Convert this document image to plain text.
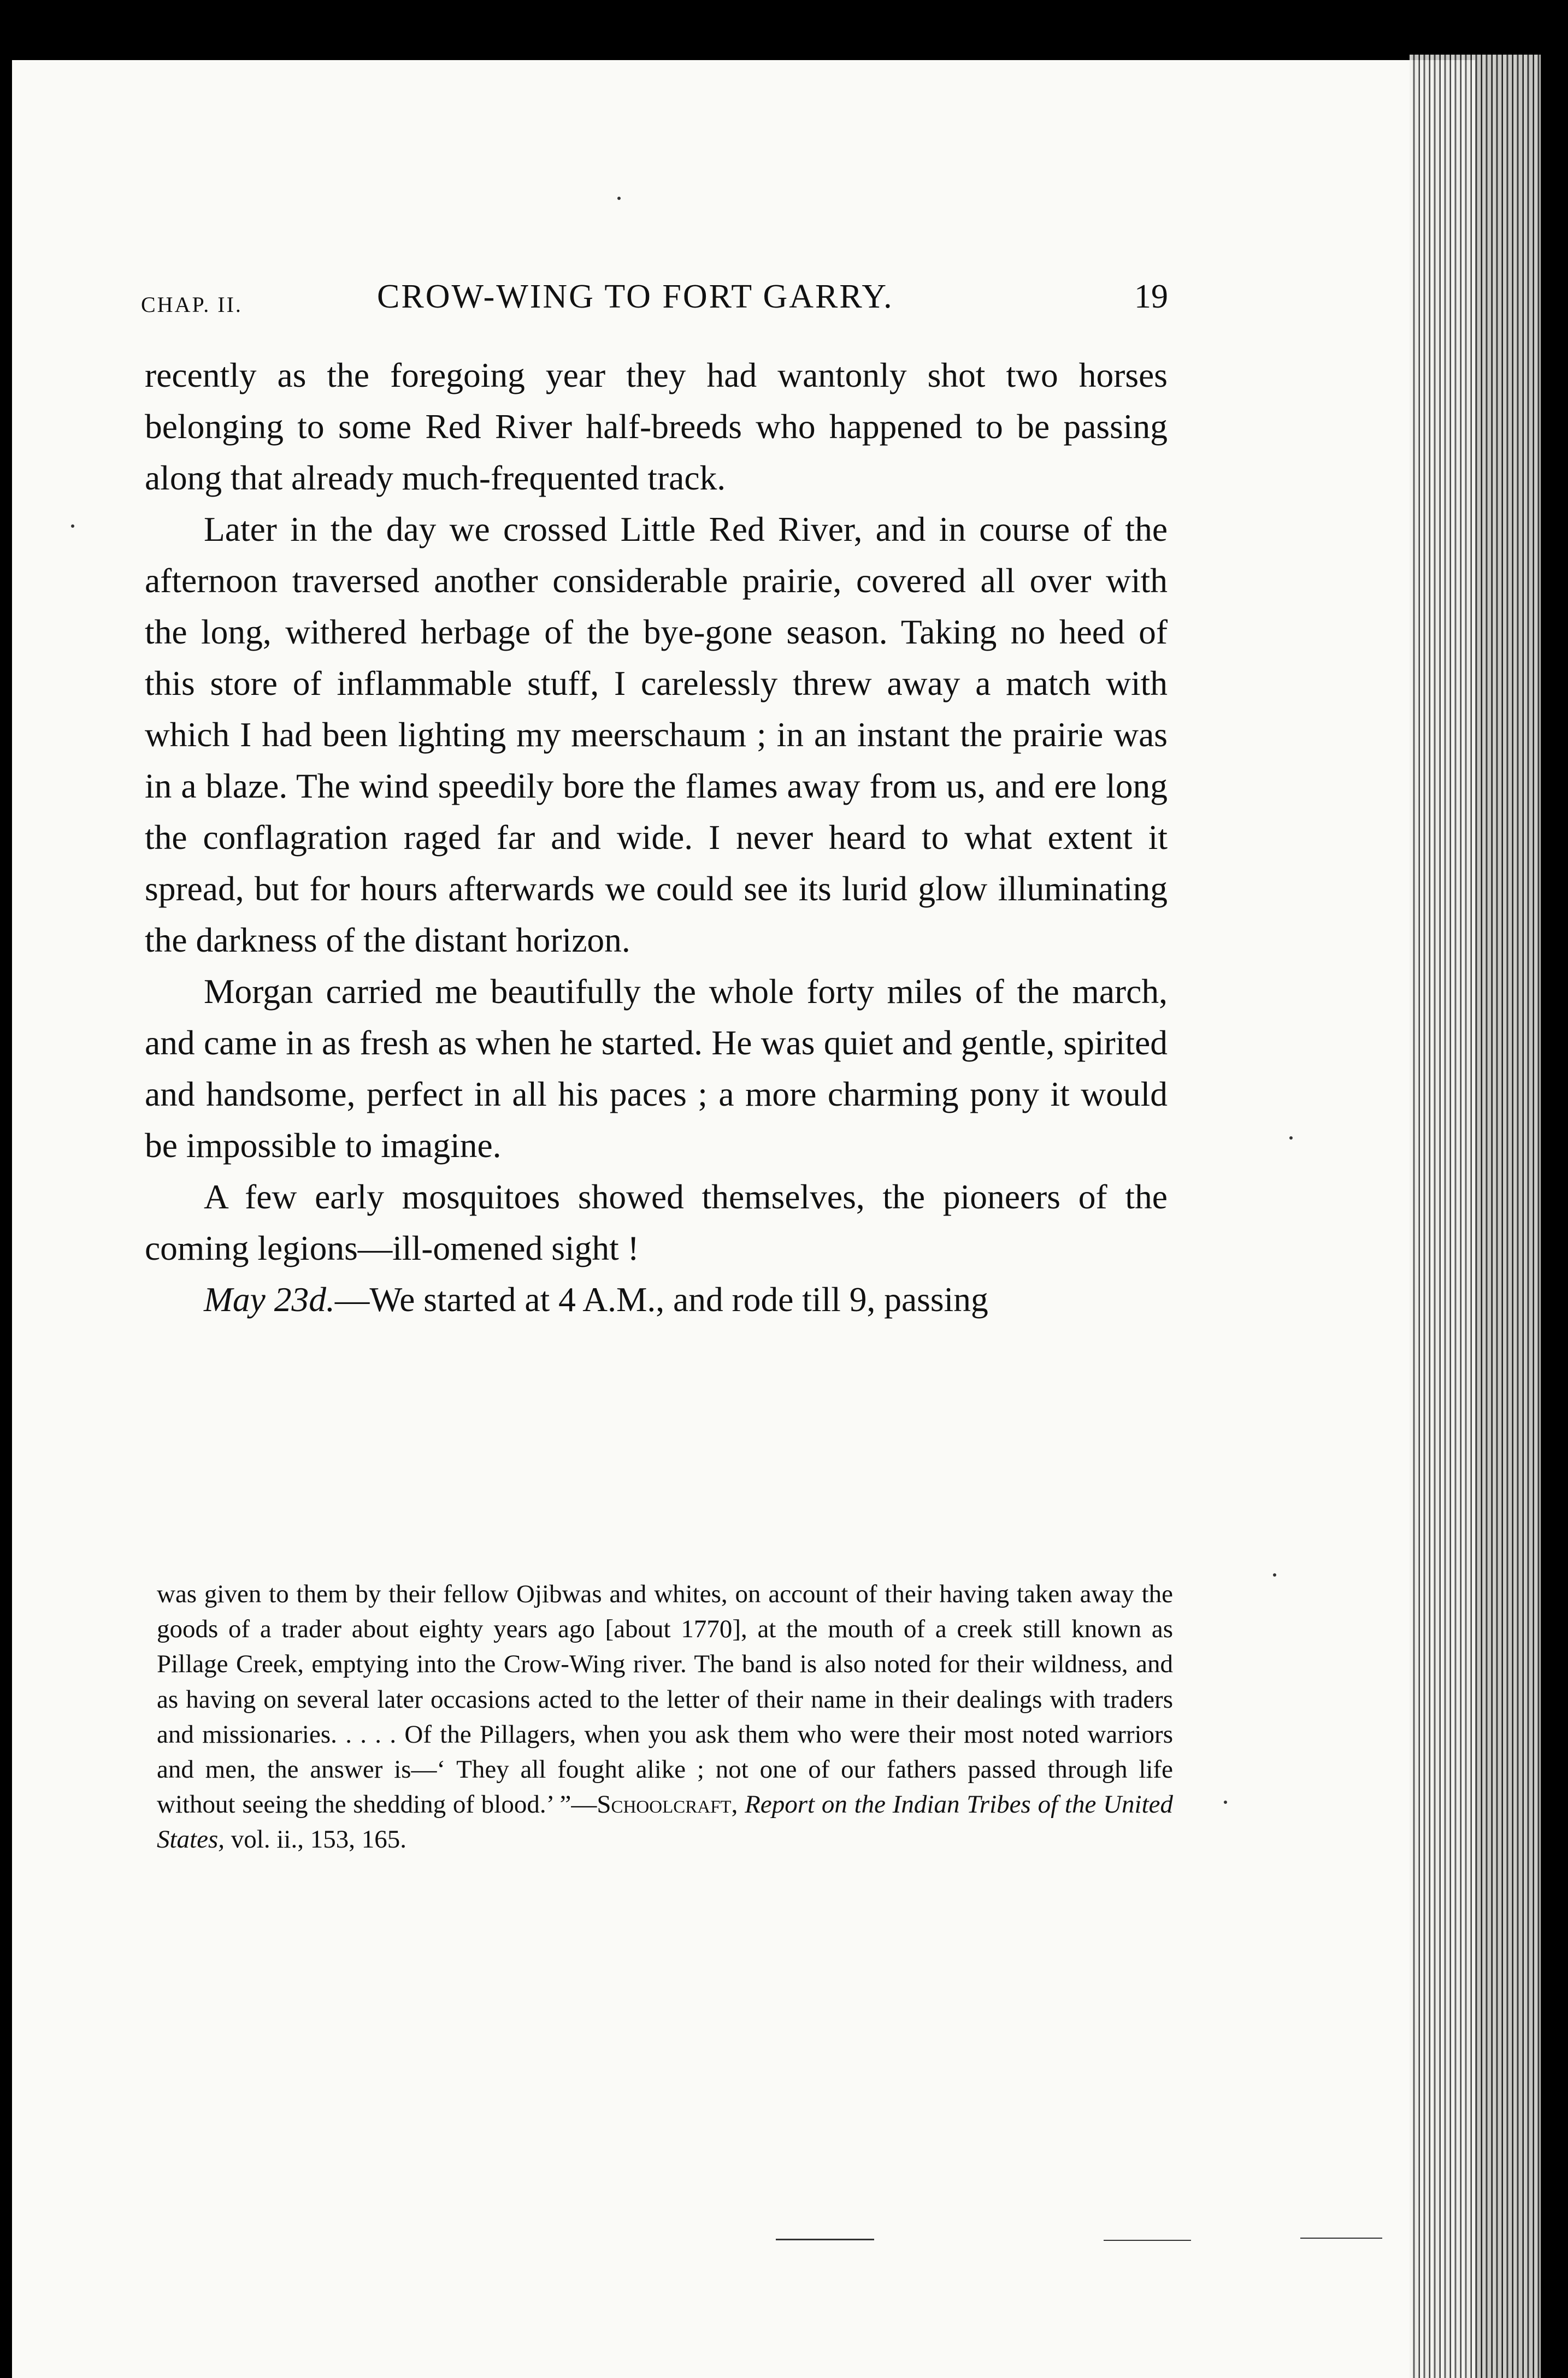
CHAP. II.	CROW-WING TO FORT GARRY.	19

recently as the foregoing year they had wantonly shot two horses belonging to some Red River half-breeds who happened to be passing along that already much-frequented track.

Later in the day we crossed Little Red River, and in course of the afternoon traversed another considerable prairie, covered all over with the long, withered herbage of the bye-gone season. Taking no heed of this store of inflammable stuff, I carelessly threw away a match with which I had been lighting my meerschaum ; in an instant the prairie was in a blaze. The wind speedily bore the flames away from us, and ere long the conflagration raged far and wide. I never heard to what extent it spread, but for hours afterwards we could see its lurid glow illuminating the darkness of the distant horizon.

Morgan carried me beautifully the whole forty miles of the march, and came in as fresh as when he started. He was quiet and gentle, spirited and handsome, perfect in all his paces ; a more charming pony it would be impossible to imagine.

A few early mosquitoes showed themselves, the pioneers of the coming legions—ill-omened sight !

May 23d.—We started at 4 A.M., and rode till 9, passing

was given to them by their fellow Ojibwas and whites, on account of their having taken away the goods of a trader about eighty years ago [about 1770], at the mouth of a creek still known as Pillage Creek, emptying into the Crow-Wing river. The band is also noted for their wildness, and as having on several later occasions acted to the letter of their name in their dealings with traders and missionaries. . . . . Of the Pillagers, when you ask them who were their most noted warriors and men, the answer is—‘ They all fought alike ; not one of our fathers passed through life without seeing the shedding of blood.’ ”—Schoolcraft, Report on the Indian Tribes of the United States, vol. ii., 153, 165.
